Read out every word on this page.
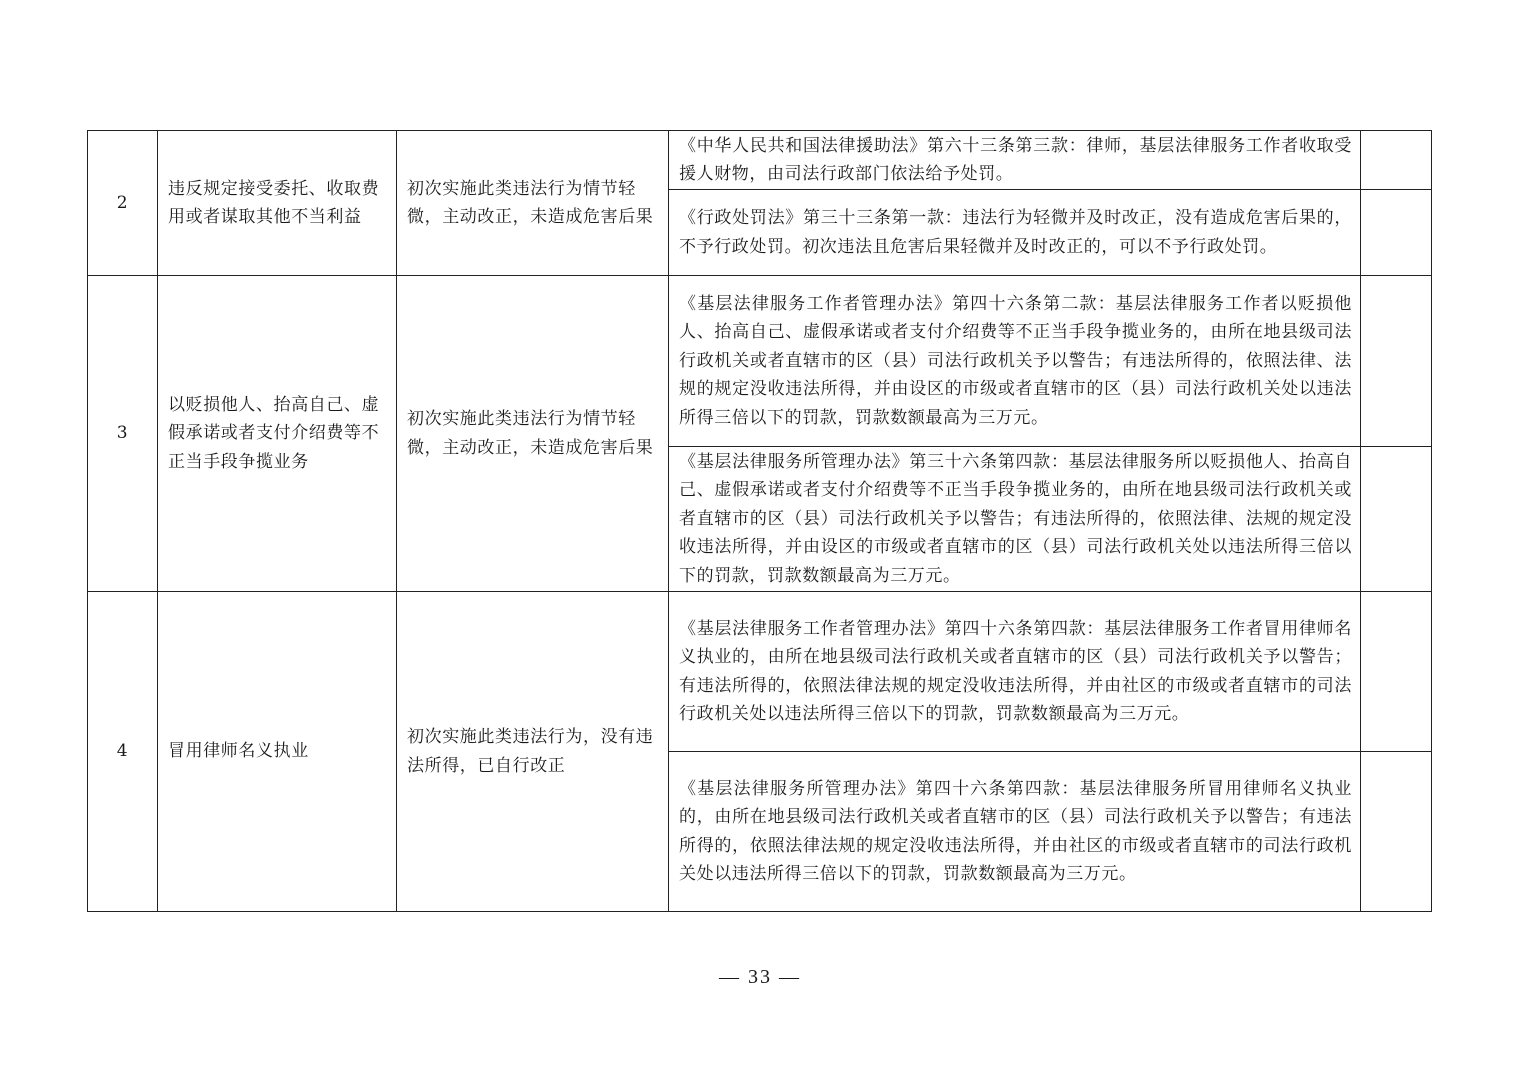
2	违反规定接受委托、收取费用或者谋取其他不当利益	初次实施此类违法行为情节轻微，主动改正，未造成危害后果	《中华人民共和国法律援助法》第六十三条第三款：律师，基层法律服务工作者收取受援人财物，由司法行政部门依法给予处罚。	
			《行政处罚法》第三十三条第一款：违法行为轻微并及时改正，没有造成危害后果的，不予行政处罚。初次违法且危害后果轻微并及时改正的，可以不予行政处罚。	
3	以贬损他人、抬高自己、虚假承诺或者支付介绍费等不正当手段争揽业务	初次实施此类违法行为情节轻微，主动改正，未造成危害后果	《基层法律服务工作者管理办法》第四十六条第二款：基层法律服务工作者以贬损他人、抬高自己、虚假承诺或者支付介绍费等不正当手段争揽业务的，由所在地县级司法行政机关或者直辖市的区（县）司法行政机关予以警告；有违法所得的，依照法律、法规的规定没收违法所得，并由设区的市级或者直辖市的区（县）司法行政机关处以违法所得三倍以下的罚款，罚款数额最高为三万元。	
			《基层法律服务所管理办法》第三十六条第四款：基层法律服务所以贬损他人、抬高自己、虚假承诺或者支付介绍费等不正当手段争揽业务的，由所在地县级司法行政机关或者直辖市的区（县）司法行政机关予以警告；有违法所得的，依照法律、法规的规定没收违法所得，并由设区的市级或者直辖市的区（县）司法行政机关处以违法所得三倍以下的罚款，罚款数额最高为三万元。	
4	冒用律师名义执业	初次实施此类违法行为，没有违法所得，已自行改正	《基层法律服务工作者管理办法》第四十六条第四款：基层法律服务工作者冒用律师名义执业的，由所在地县级司法行政机关或者直辖市的区（县）司法行政机关予以警告；有违法所得的，依照法律法规的规定没收违法所得，并由社区的市级或者直辖市的司法行政机关处以违法所得三倍以下的罚款，罚款数额最高为三万元。	
			《基层法律服务所管理办法》第四十六条第四款：基层法律服务所冒用律师名义执业的，由所在地县级司法行政机关或者直辖市的区（县）司法行政机关予以警告；有违法所得的，依照法律法规的规定没收违法所得，并由社区的市级或者直辖市的司法行政机关处以违法所得三倍以下的罚款，罚款数额最高为三万元。	
— 33 —
